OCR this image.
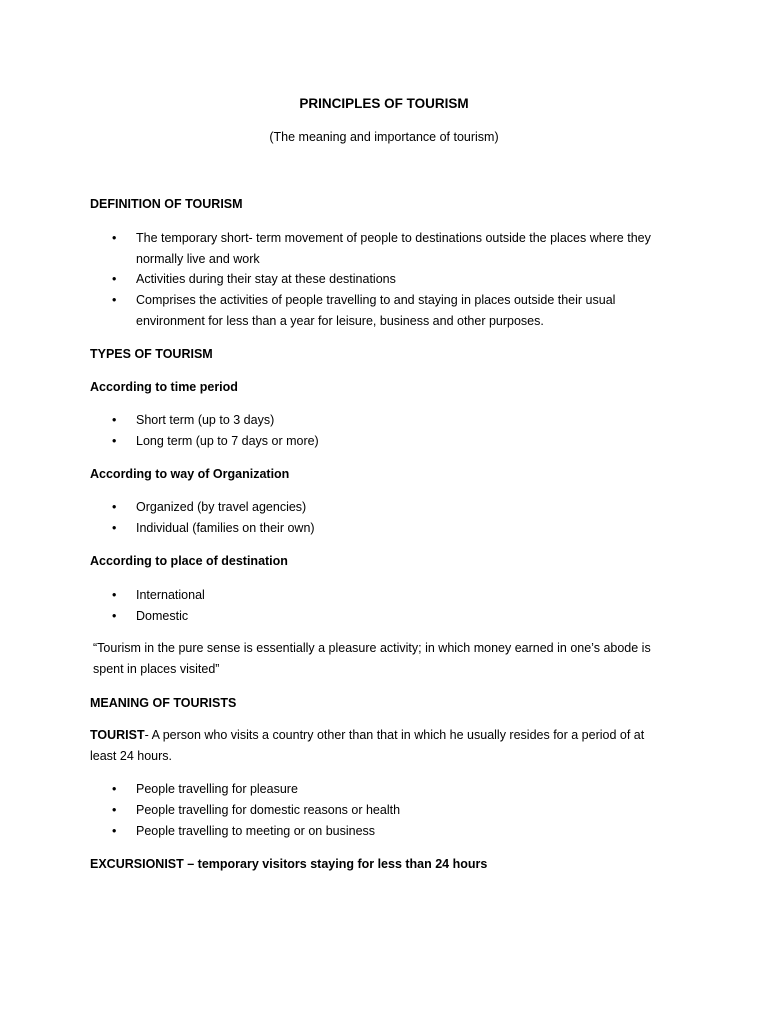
PRINCIPLES OF TOURISM
(The meaning and importance of tourism)
DEFINITION OF TOURISM
• The temporary short- term movement of people to destinations outside the places where they normally live and work
• Activities during their stay at these destinations
• Comprises the activities of people travelling to and staying in places outside their usual environment for less than a year for leisure, business and other purposes.
TYPES OF TOURISM
According to time period
• Short term (up to 3 days)
• Long term (up to 7 days or more)
According to way of Organization
• Organized (by travel agencies)
• Individual (families on their own)
According to place of destination
• International
• Domestic
“Tourism in the pure sense is essentially a pleasure activity; in which money earned in one’s abode is spent in places visited”
MEANING OF TOURISTS
TOURIST- A person who visits a country other than that in which he usually resides for a period of at least 24 hours.
• People travelling for pleasure
• People travelling for domestic reasons or health
• People travelling to meeting or on business
EXCURSIONIST – temporary visitors staying for less than 24 hours
